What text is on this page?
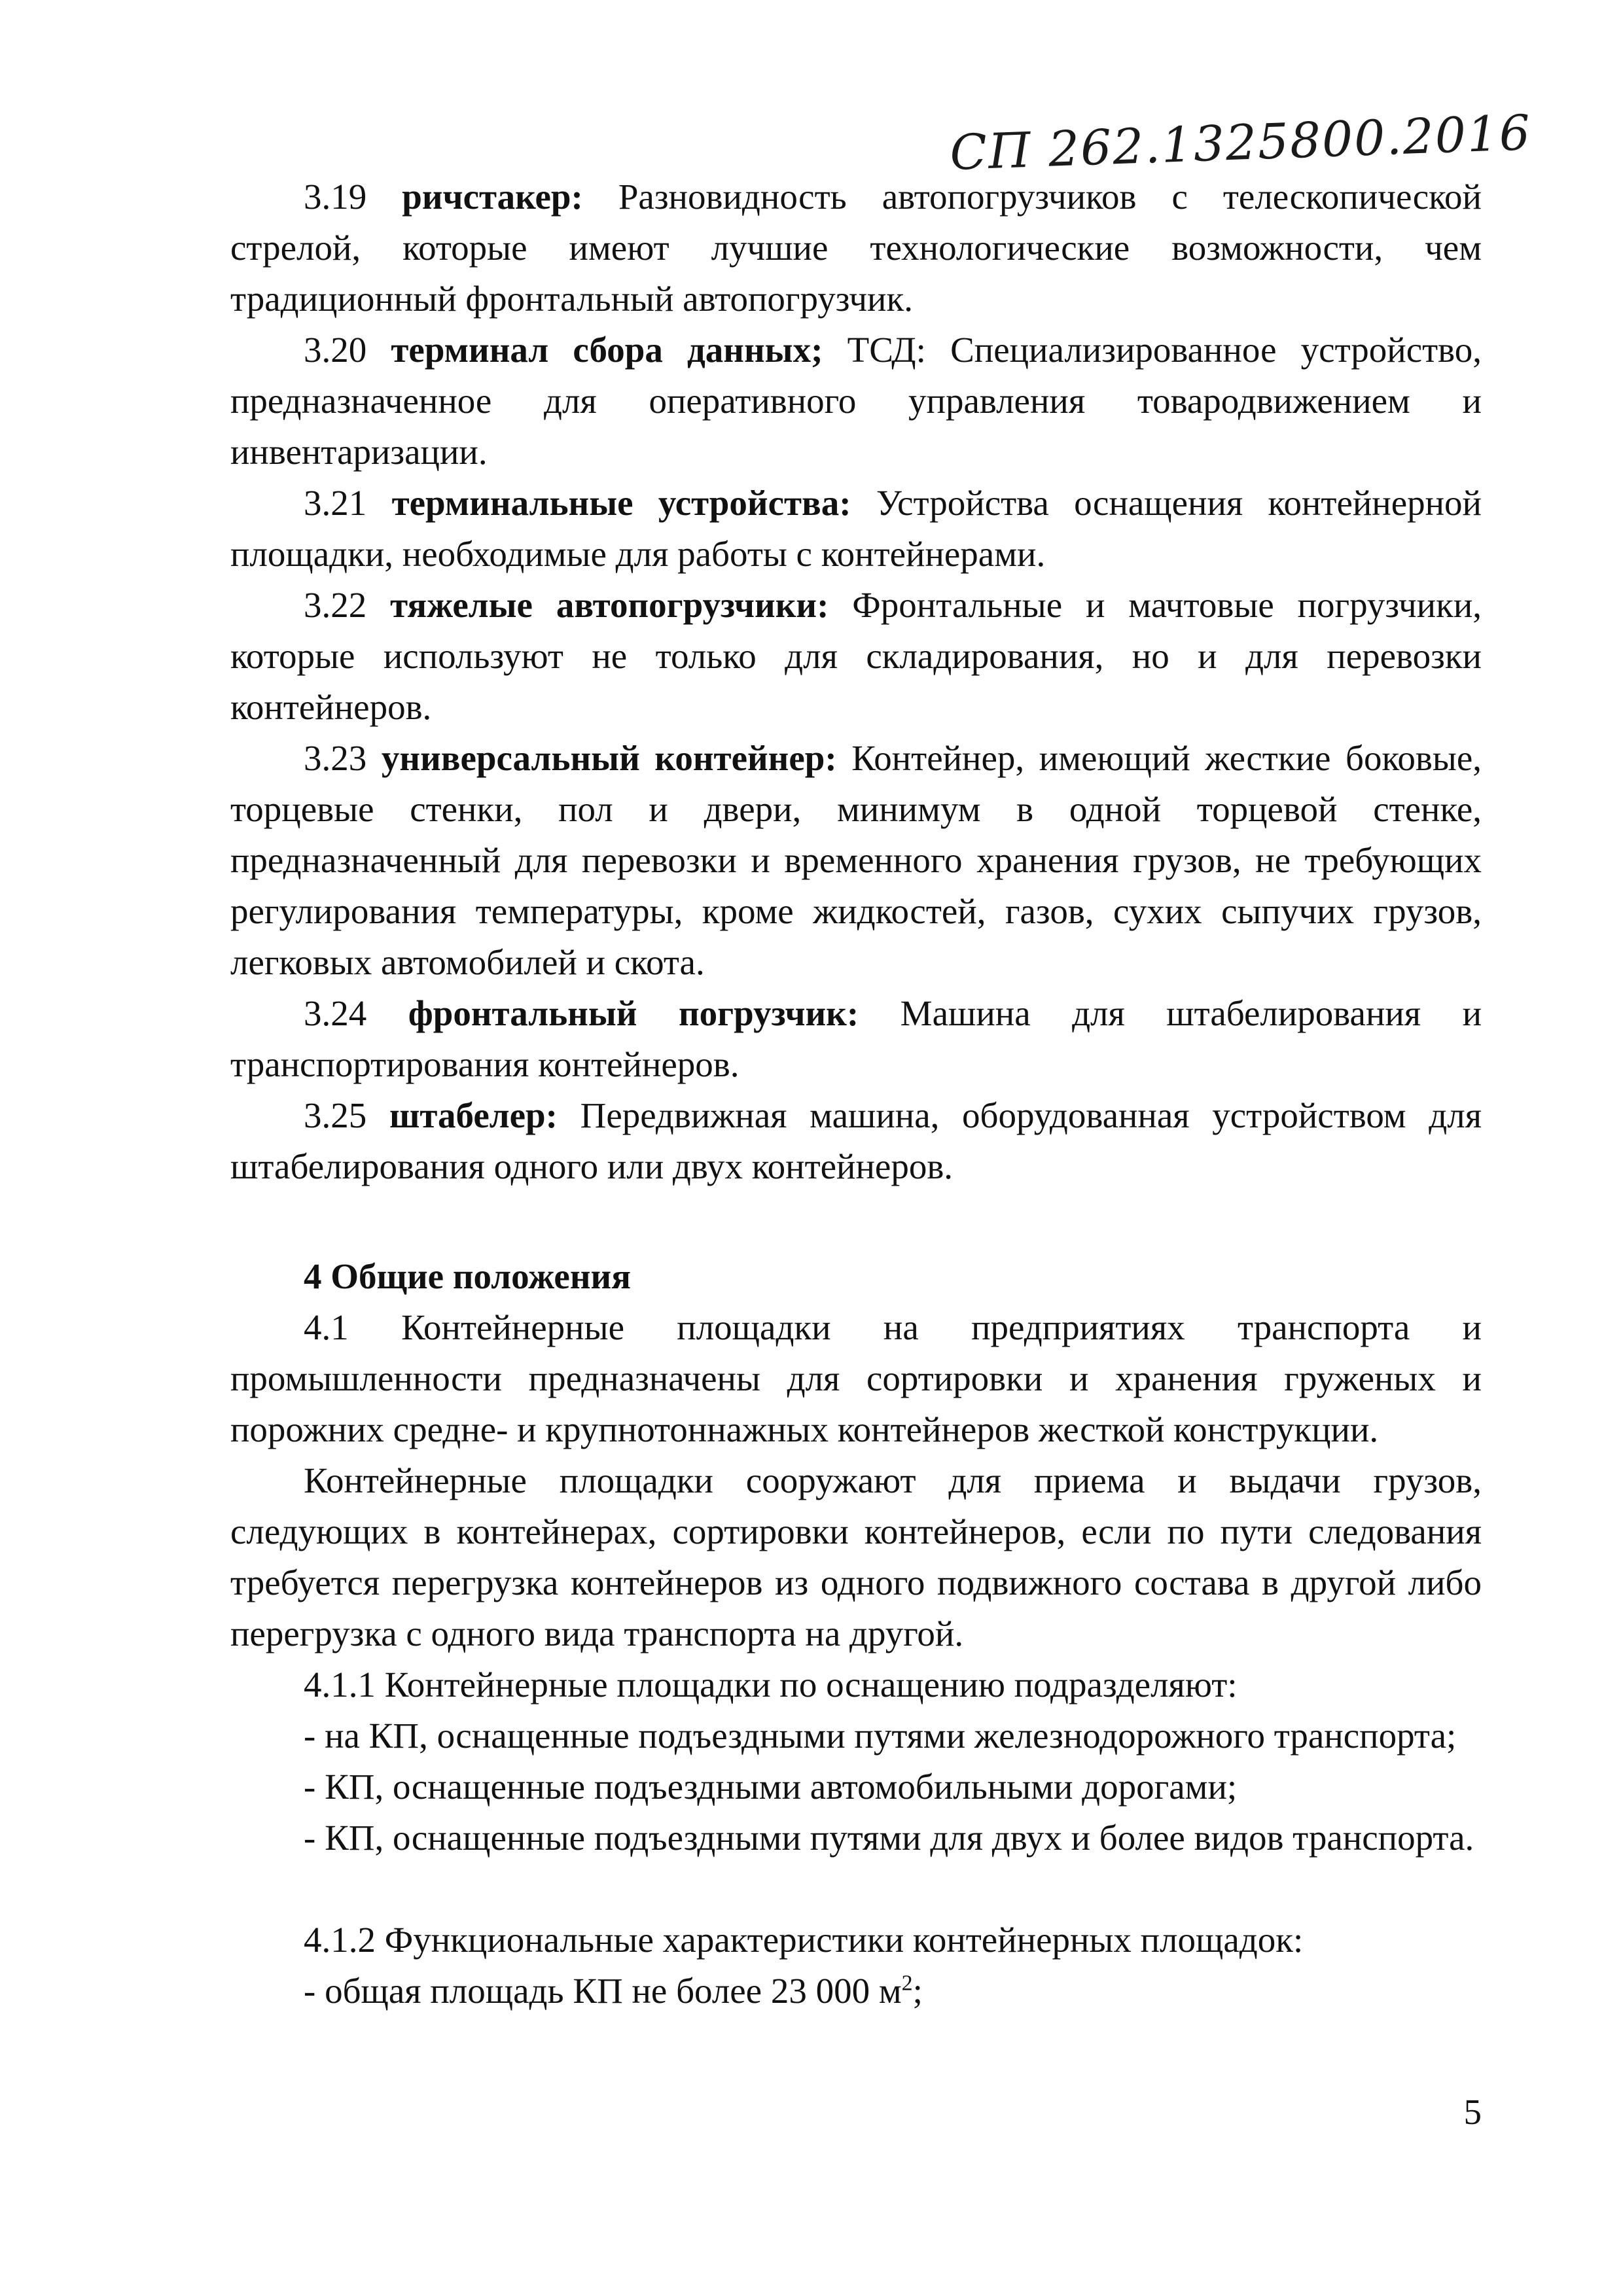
СП 262.1325800.2016

3.19 ричстакер: Разновидность автопогрузчиков с телескопической стрелой, которые имеют лучшие технологические возможности, чем традиционный фронтальный автопогрузчик.

3.20 терминал сбора данных; ТСД: Специализированное устройство, предназначенное для оперативного управления товародвижением и инвентаризации.

3.21 терминальные устройства: Устройства оснащения контейнерной площадки, необходимые для работы с контейнерами.

3.22 тяжелые автопогрузчики: Фронтальные и мачтовые погрузчики, которые используют не только для складирования, но и для перевозки контейнеров.

3.23 универсальный контейнер: Контейнер, имеющий жесткие боковые, торцевые стенки, пол и двери, минимум в одной торцевой стенке, предназначенный для перевозки и временного хранения грузов, не требующих регулирования температуры, кроме жидкостей, газов, сухих сыпучих грузов, легковых автомобилей и скота.

3.24 фронтальный погрузчик: Машина для штабелирования и транспортирования контейнеров.

3.25 штабелер: Передвижная машина, оборудованная устройством для штабелирования одного или двух контейнеров.

4 Общие положения

4.1 Контейнерные площадки на предприятиях транспорта и промышленности предназначены для сортировки и хранения груженых и порожних средне- и крупнотоннажных контейнеров жесткой конструкции.

Контейнерные площадки сооружают для приема и выдачи грузов, следующих в контейнерах, сортировки контейнеров, если по пути следования требуется перегрузка контейнеров из одного подвижного состава в другой либо перегрузка с одного вида транспорта на другой.

4.1.1 Контейнерные площадки по оснащению подразделяют:

- на КП, оснащенные подъездными путями железнодорожного транспорта;

- КП, оснащенные подъездными автомобильными дорогами;

- КП, оснащенные подъездными путями для двух и более видов транспорта.

4.1.2 Функциональные характеристики контейнерных площадок:

- общая площадь КП не более 23 000 $м^2$;

5
